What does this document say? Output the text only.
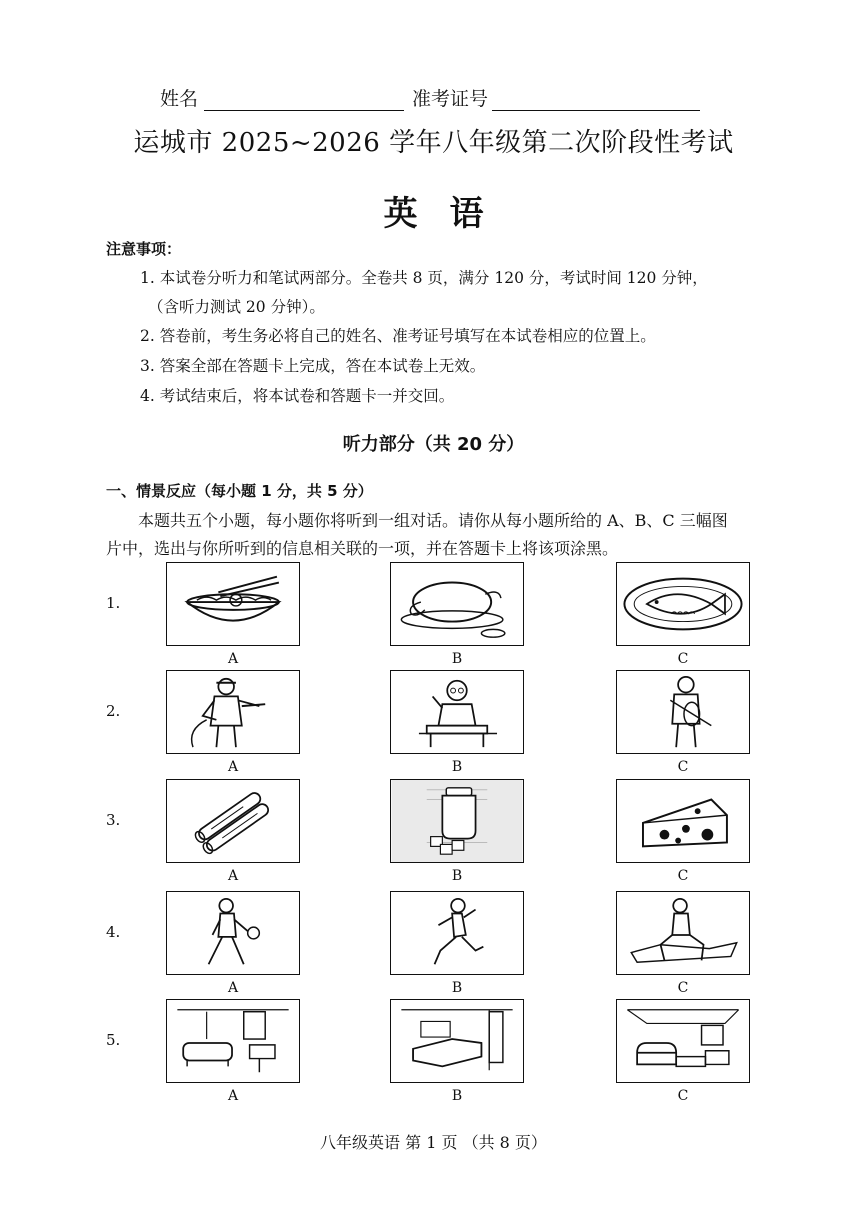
姓名	准考证号
运城市 2025~2026 学年八年级第二次阶段性考试
英语
注意事项：
1. 本试卷分听力和笔试两部分。全卷共 8 页，满分 120 分，考试时间 120 分钟，
（含听力测试 20 分钟）。
2. 答卷前，考生务必将自己的姓名、准考证号填写在本试卷相应的位置上。
3. 答案全部在答题卡上完成，答在本试卷上无效。
4. 考试结束后，将本试卷和答题卡一并交回。
听力部分（共 20 分）
一、情景反应（每小题 1 分，共 5 分）
本题共五个小题，每小题你将听到一组对话。请你从每小题所给的 A、B、C 三幅图
片中，选出与你所听到的信息相关联的一项，并在答题卡上将该项涂黑。
1.
A	B	C
2.
A	B	C
3.
A	B	C
4.
A	B	C
5.
A	B	C
八年级英语 第 1 页 （共 8 页）
